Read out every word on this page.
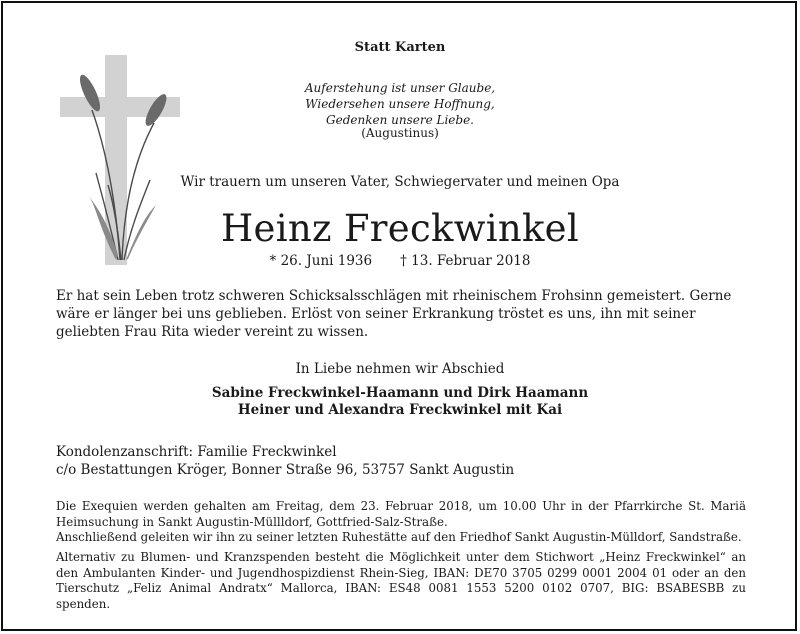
Statt Karten
Auferstehung ist unser Glaube,
Wiedersehen unsere Hoffnung,
Gedenken unsere Liebe.
(Augustinus)
Wir trauern um unseren Vater, Schwiegervater und meinen Opa
Heinz Freckwinkel
* 26. Juni 1936 † 13. Februar 2018
Er hat sein Leben trotz schweren Schicksalsschlägen mit rheinischem Frohsinn gemeistert. Gerne wäre er länger bei uns geblieben. Erlöst von seiner Erkrankung tröstet es uns, ihn mit seiner geliebten Frau Rita wieder vereint zu wissen.
In Liebe nehmen wir Abschied
Sabine Freckwinkel-Haamann und Dirk Haamann
Heiner und Alexandra Freckwinkel mit Kai
Kondolenzanschrift: Familie Freckwinkel
c/o Bestattungen Kröger, Bonner Straße 96, 53757 Sankt Augustin
Die Exequien werden gehalten am Freitag, dem 23. Februar 2018, um 10.00 Uhr in der Pfarrkirche St. Mariä Heimsuchung in Sankt Augustin-Müllldorf, Gottfried-Salz-Straße.
Anschließend geleiten wir ihn zu seiner letzten Ruhestätte auf den Friedhof Sankt Augustin-Mülldorf, Sandstraße.
Alternativ zu Blumen- und Kranzspenden besteht die Möglichkeit unter dem Stichwort „Heinz Freckwinkel“ an den Ambulanten Kinder- und Jugendhospizdienst Rhein-Sieg, IBAN: DE70 3705 0299 0001 2004 01 oder an den Tierschutz „Feliz Animal Andratx“ Mallorca, IBAN: ES48 0081 1553 5200 0102 0707, BIG: BSABESBB zu spenden.
